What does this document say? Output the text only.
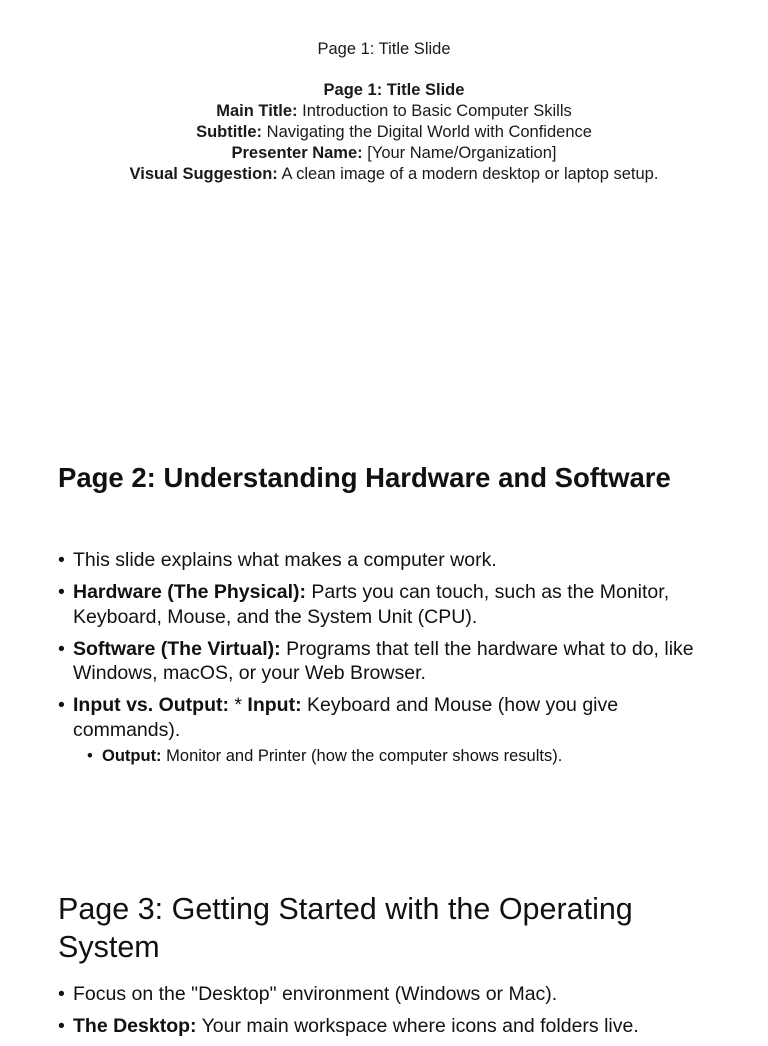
Page 1: Title Slide
Page 1: Title Slide
Main Title: Introduction to Basic Computer Skills
Subtitle: Navigating the Digital World with Confidence
Presenter Name: [Your Name/Organization]
Visual Suggestion: A clean image of a modern desktop or laptop setup.
Page 2: Understanding Hardware and Software
• This slide explains what makes a computer work.
• Hardware (The Physical): Parts you can touch, such as the Monitor, Keyboard, Mouse, and the System Unit (CPU).
• Software (The Virtual): Programs that tell the hardware what to do, like Windows, macOS, or your Web Browser.
• Input vs. Output: * Input: Keyboard and Mouse (how you give commands).
• Output: Monitor and Printer (how the computer shows results).
Page 3: Getting Started with the Operating System
• Focus on the "Desktop" environment (Windows or Mac).
• The Desktop: Your main workspace where icons and folders live.
